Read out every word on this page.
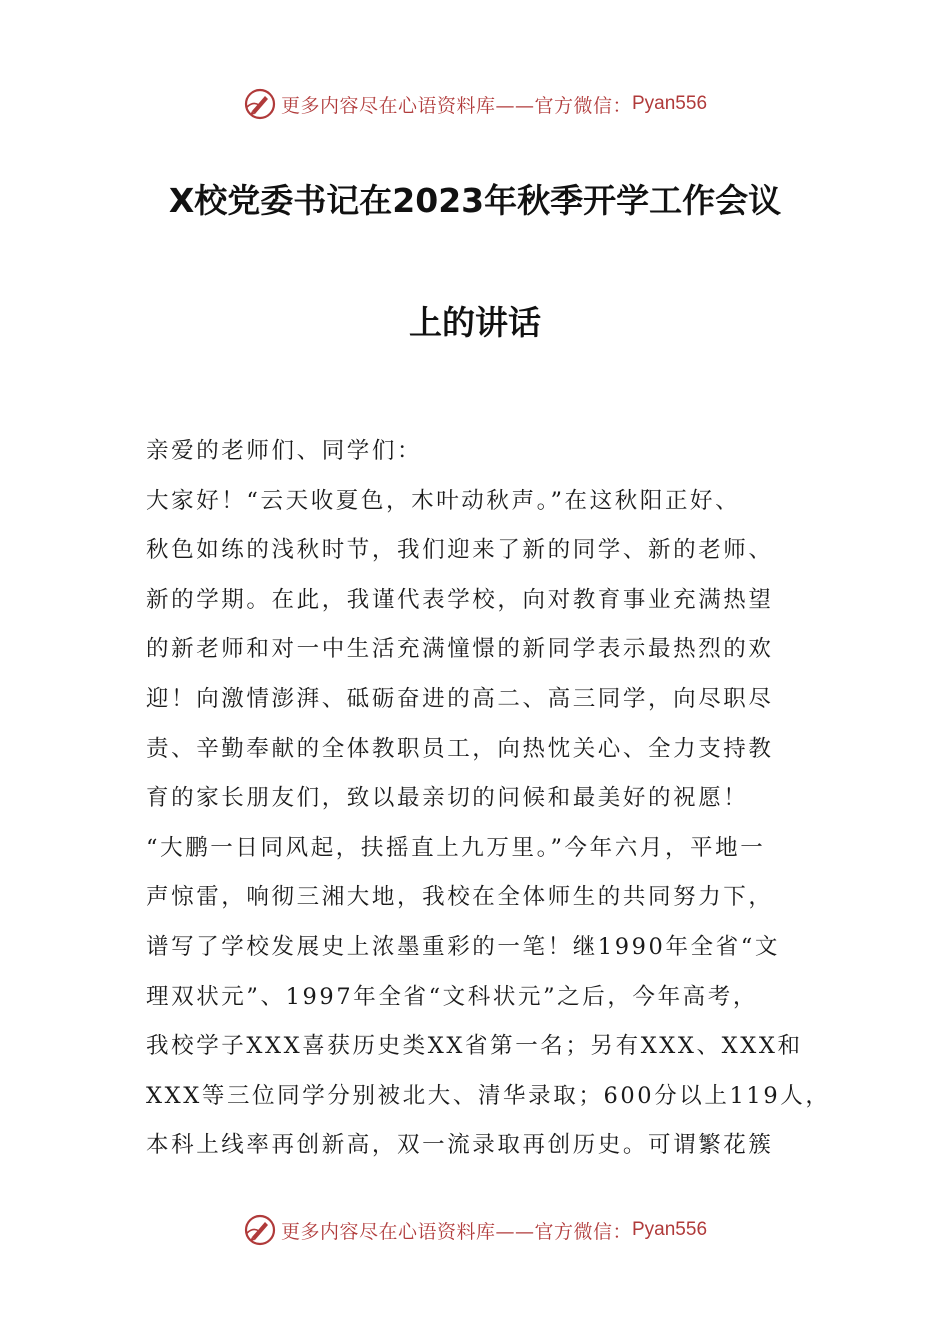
更多内容尽在心语资料库——官方微信： Pyan556
X校党委书记在2023年秋季开学工作会议
上的讲话
亲爱的老师们、同学们：
大家好！“云天收夏色，木叶动秋声。”在这秋阳正好、
秋色如练的浅秋时节，我们迎来了新的同学、新的老师、
新的学期。在此，我谨代表学校，向对教育事业充满热望
的新老师和对一中生活充满憧憬的新同学表示最热烈的欢
迎！向激情澎湃、砥砺奋进的高二、高三同学，向尽职尽
责、辛勤奉献的全体教职员工，向热忱关心、全力支持教
育的家长朋友们，致以最亲切的问候和最美好的祝愿！
“大鹏一日同风起，扶摇直上九万里。”今年六月，平地一
声惊雷，响彻三湘大地，我校在全体师生的共同努力下，
谱写了学校发展史上浓墨重彩的一笔！继1990年全省“文
理双状元”、1997年全省“文科状元”之后，今年高考，
我校学子XXX喜获历史类XX省第一名；另有XXX、XXX和
XXX等三位同学分别被北大、清华录取；600分以上119人，
本科上线率再创新高，双一流录取再创历史。可谓繁花簇
更多内容尽在心语资料库——官方微信： Pyan556
